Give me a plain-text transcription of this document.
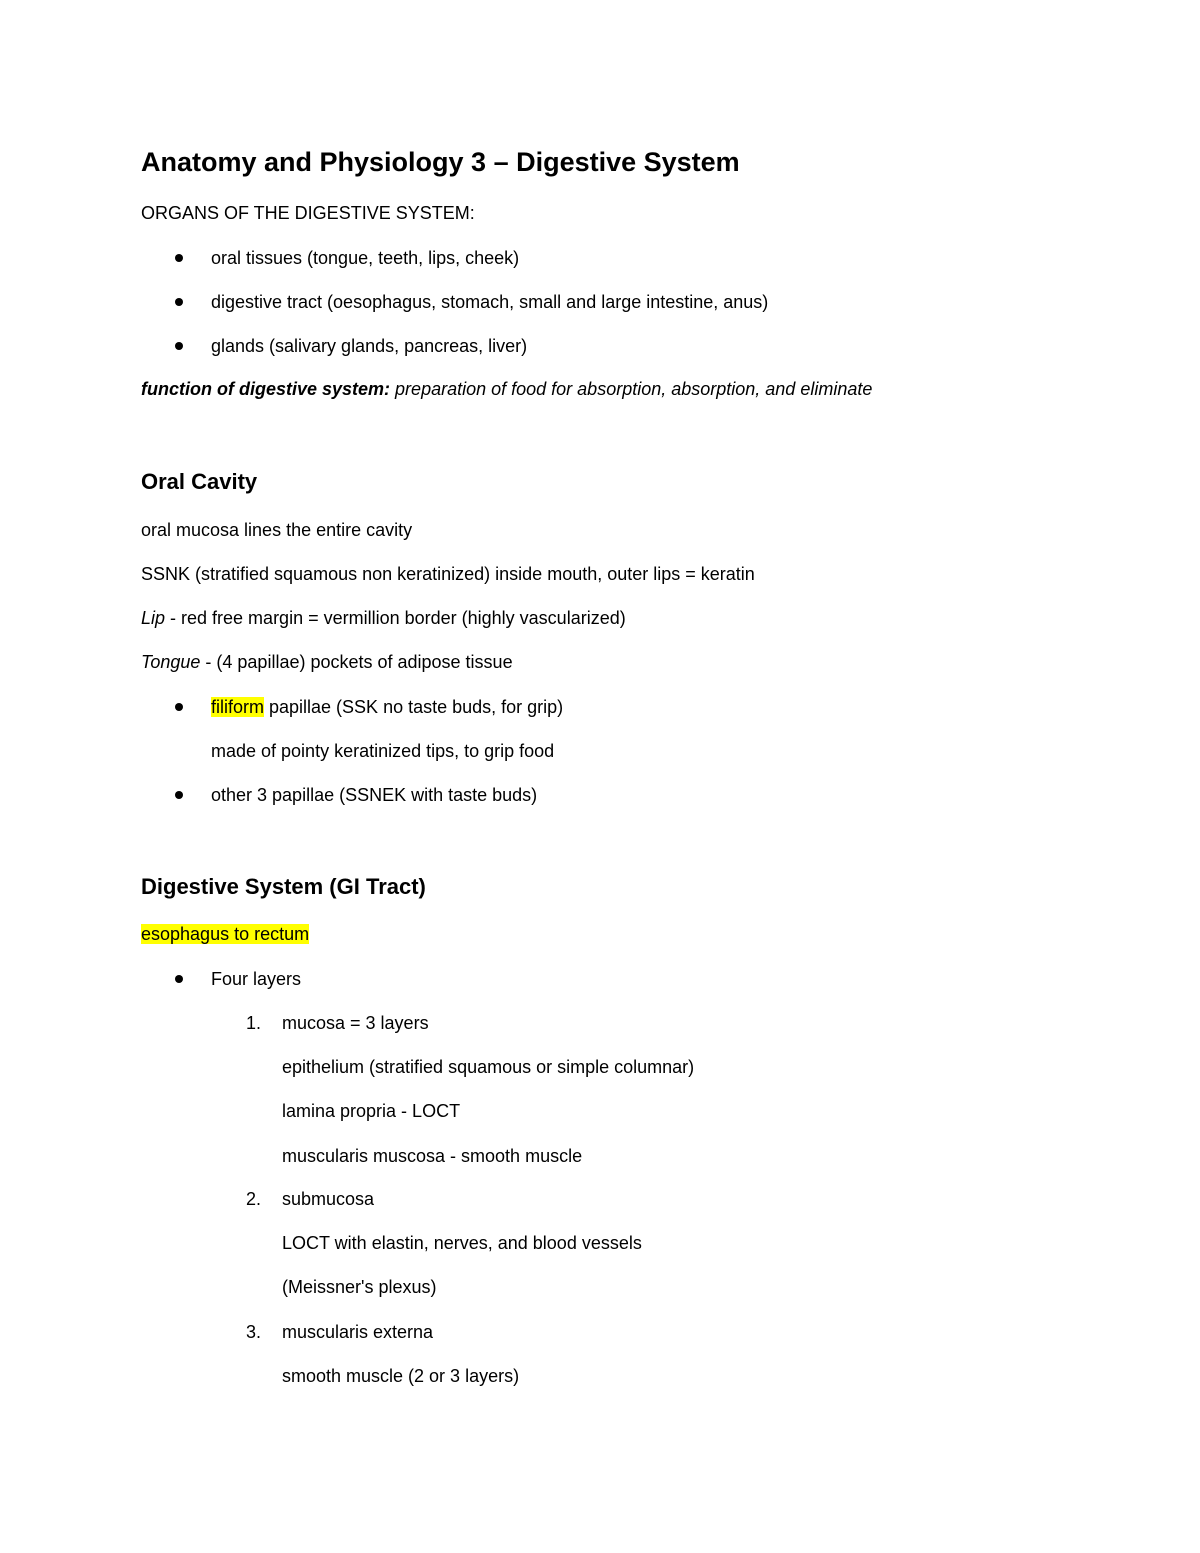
Anatomy and Physiology 3 – Digestive System
ORGANS OF THE DIGESTIVE SYSTEM:
oral tissues (tongue, teeth, lips, cheek)
digestive tract (oesophagus, stomach, small and large intestine, anus)
glands (salivary glands, pancreas, liver)
function of digestive system: preparation of food for absorption, absorption, and eliminate
Oral Cavity
oral mucosa lines the entire cavity
SSNK (stratified squamous non keratinized) inside mouth, outer lips = keratin
Lip - red free margin = vermillion border (highly vascularized)
Tongue - (4 papillae) pockets of adipose tissue
filiform papillae (SSK no taste buds, for grip)
made of pointy keratinized tips, to grip food
other 3 papillae (SSNEK with taste buds)
Digestive System (GI Tract)
esophagus to rectum
Four layers
1. mucosa = 3 layers
epithelium (stratified squamous or simple columnar)
lamina propria - LOCT
muscularis muscosa - smooth muscle
2. submucosa
LOCT with elastin, nerves, and blood vessels
(Meissner's plexus)
3. muscularis externa
smooth muscle (2 or 3 layers)
